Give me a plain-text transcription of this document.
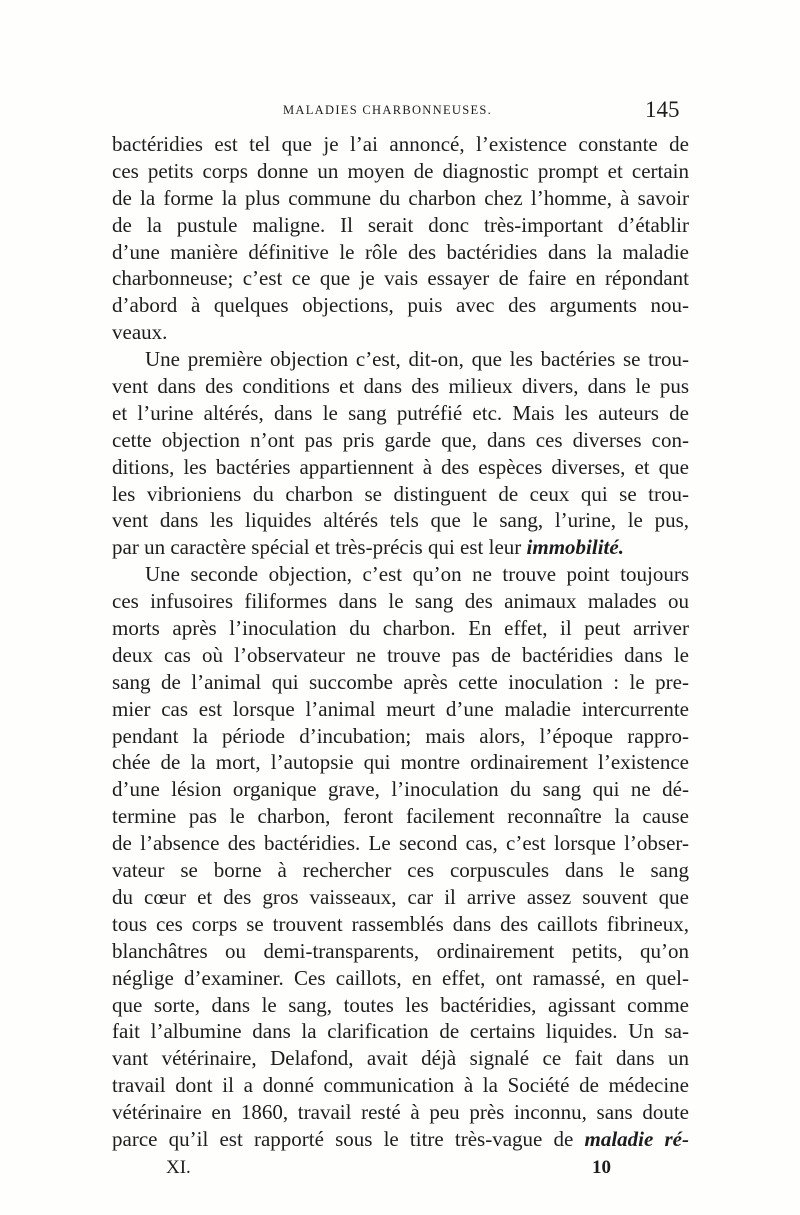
MALADIES CHARBONNEUSES.	145
bactéridies est tel que je l’ai annoncé, l’existence constante de
ces petits corps donne un moyen de diagnostic prompt et certain
de la forme la plus commune du charbon chez l’homme, à savoir
de la pustule maligne. Il serait donc très-important d’établir
d’une manière définitive le rôle des bactéridies dans la maladie
charbonneuse; c’est ce que je vais essayer de faire en répondant
d’abord à quelques objections, puis avec des arguments nou-
veaux.
Une première objection c’est, dit-on, que les bactéries se trou-
vent dans des conditions et dans des milieux divers, dans le pus
et l’urine altérés, dans le sang putréfié etc. Mais les auteurs de
cette objection n’ont pas pris garde que, dans ces diverses con-
ditions, les bactéries appartiennent à des espèces diverses, et que
les vibrioniens du charbon se distinguent de ceux qui se trou-
vent dans les liquides altérés tels que le sang, l’urine, le pus,
par un caractère spécial et très-précis qui est leur immobilité.
Une seconde objection, c’est qu’on ne trouve point toujours
ces infusoires filiformes dans le sang des animaux malades ou
morts après l’inoculation du charbon. En effet, il peut arriver
deux cas où l’observateur ne trouve pas de bactéridies dans le
sang de l’animal qui succombe après cette inoculation : le pre-
mier cas est lorsque l’animal meurt d’une maladie intercurrente
pendant la période d’incubation; mais alors, l’époque rappro-
chée de la mort, l’autopsie qui montre ordinairement l’existence
d’une lésion organique grave, l’inoculation du sang qui ne dé-
termine pas le charbon, feront facilement reconnaître la cause
de l’absence des bactéridies. Le second cas, c’est lorsque l’obser-
vateur se borne à rechercher ces corpuscules dans le sang
du cœur et des gros vaisseaux, car il arrive assez souvent que
tous ces corps se trouvent rassemblés dans des caillots fibrineux,
blanchâtres ou demi-transparents, ordinairement petits, qu’on
néglige d’examiner. Ces caillots, en effet, ont ramassé, en quel-
que sorte, dans le sang, toutes les bactéridies, agissant comme
fait l’albumine dans la clarification de certains liquides. Un sa-
vant vétérinaire, Delafond, avait déjà signalé ce fait dans un
travail dont il a donné communication à la Société de médecine
vétérinaire en 1860, travail resté à peu près inconnu, sans doute
parce qu’il est rapporté sous le titre très-vague de maladie ré-
XI.	10
